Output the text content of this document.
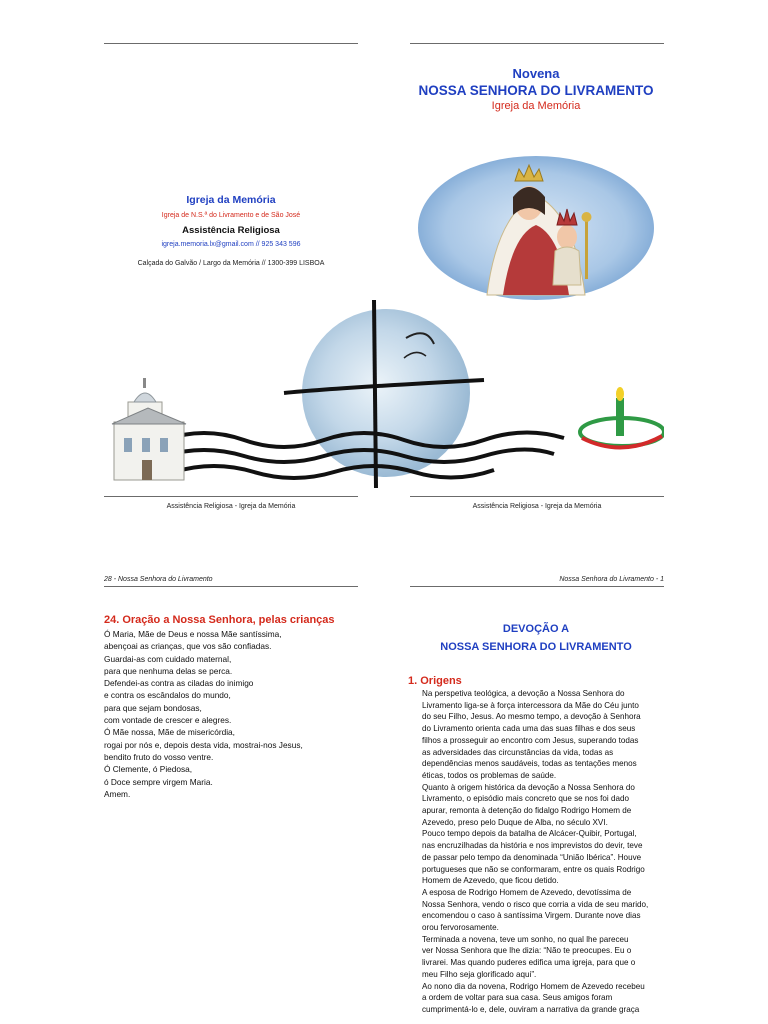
Igreja da Memória
Igreja de N.S.ª do Livramento e de São José
Assistência Religiosa
igreja.memoria.lx@gmail.com // 925 343 596
Calçada do Galvão / Largo da Memória // 1300-399 LISBOA
Novena
NOSSA SENHORA DO LIVRAMENTO
Igreja da Memória
Assistência Religiosa - Igreja da Memória	Assistência Religiosa - Igreja da Memória
28 - Nossa Senhora do Livramento	Nossa Senhora do Livramento - 1
24. Oração a Nossa Senhora, pelas crianças
Ó Maria, Mãe de Deus e nossa Mãe santíssima,
abençoai as crianças, que vos são confiadas.
Guardai-as com cuidado maternal,
para que nenhuma delas se perca.
Defendei-as contra as ciladas do inimigo
e contra os escândalos do mundo,
para que sejam bondosas,
com vontade de crescer e alegres.
Ó Mãe nossa, Mãe de misericórdia,
rogai por nós e, depois desta vida, mostrai-nos Jesus,
bendito fruto do vosso ventre.
Ó Clemente, ó Piedosa,
ó Doce sempre virgem Maria.
Amem.
DEVOÇÃO A
NOSSA SENHORA DO LIVRAMENTO
1. Origens
Na perspetiva teológica, a devoção a Nossa Senhora do
Livramento liga-se à força intercessora da Mãe do Céu junto
do seu Filho, Jesus. Ao mesmo tempo, a devoção à Senhora
do Livramento orienta cada uma das suas filhas e dos seus
filhos a prosseguir ao encontro com Jesus, superando todas
as adversidades das circunstâncias da vida, todas as
dependências menos saudáveis, todas as tentações menos
éticas, todos os problemas de saúde.
Quanto à origem histórica da devoção a Nossa Senhora do
Livramento, o episódio mais concreto que se nos foi dado
apurar, remonta à detenção do fidalgo Rodrigo Homem de
Azevedo, preso pelo Duque de Alba, no século XVI.
Pouco tempo depois da batalha de Alcácer-Quibir, Portugal,
nas encruzilhadas da história e nos imprevistos do devir, teve
de passar pelo tempo da denominada “União Ibérica”. Houve
portugueses que não se conformaram, entre os quais Rodrigo
Homem de Azevedo, que ficou detido.
A esposa de Rodrigo Homem de Azevedo, devotíssima de
Nossa Senhora, vendo o risco que corria a vida de seu marido,
encomendou o caso à santíssima Virgem. Durante nove dias
orou fervorosamente.
Terminada a novena, teve um sonho, no qual lhe pareceu
ver Nossa Senhora que lhe dizia: “Não te preocupes. Eu o
livrarei. Mas quando puderes edifica uma igreja, para que o
meu Filho seja glorificado aqui”.
Ao nono dia da novena, Rodrigo Homem de Azevedo recebeu
a ordem de voltar para sua casa. Seus amigos foram
cumprimentá-lo e, dele, ouviram a narrativa da grande graça
